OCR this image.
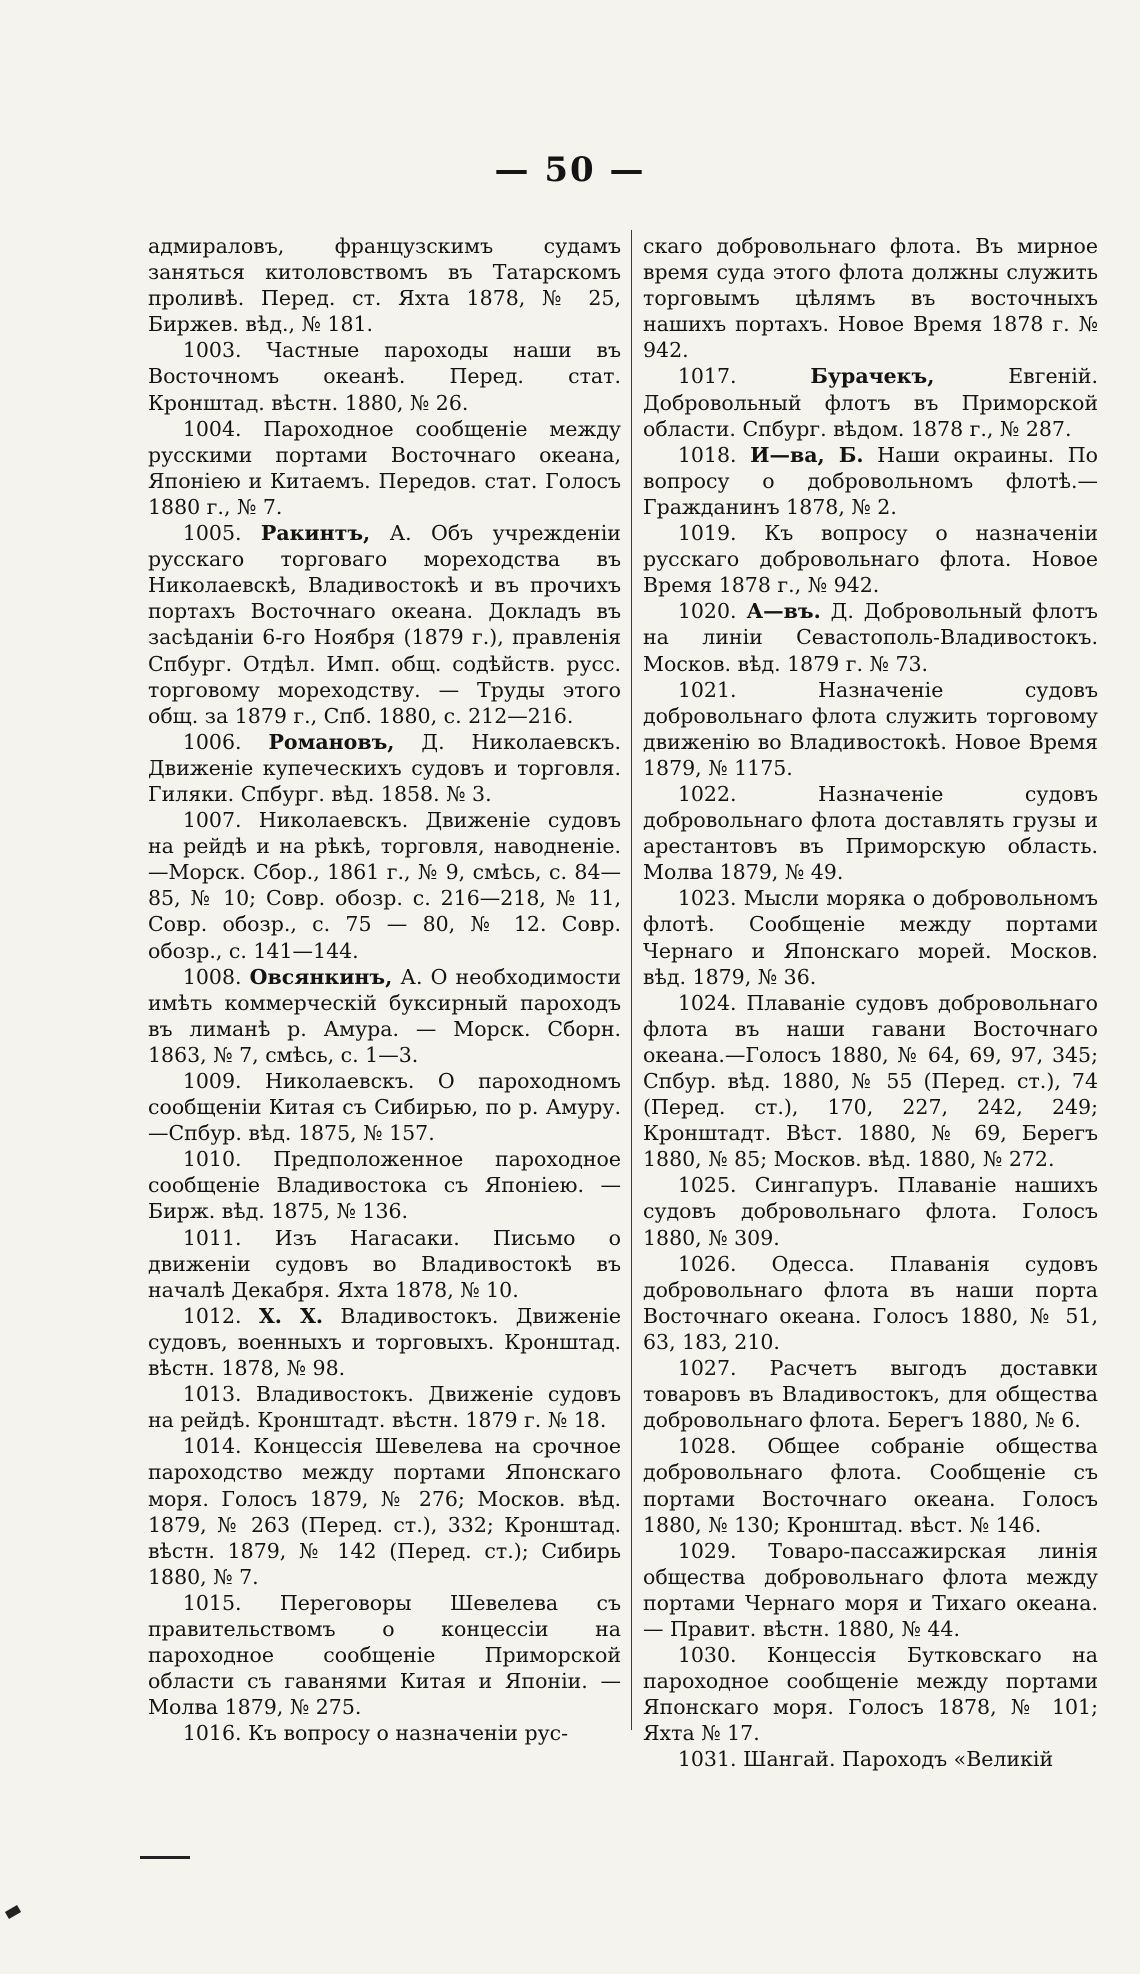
— 50 —

адмираловъ, французскимъ судамъ заняться китоловствомъ въ Татарскомъ проливѣ. Перед. ст. Яхта 1878, № 25, Биржев. вѣд., № 181.

1003. Частные пароходы наши въ Восточномъ океанѣ. Перед. стат. Кронштад. вѣстн. 1880, № 26.

1004. Пароходное сообщеніе между русскими портами Восточнаго океана, Японіею и Китаемъ. Передов. стат. Голосъ 1880 г., № 7.

1005. Ракинтъ, А. Объ учрежденіи русскаго торговаго мореходства въ Николаевскѣ, Владивостокѣ и въ прочихъ портахъ Восточнаго океана. Докладъ въ засѣданіи 6-го Ноября (1879 г.), правленія Спбург. Отдѣл. Имп. общ. содѣйств. русс. торговому мореходству. — Труды этого общ. за 1879 г., Спб. 1880, с. 212—216.

1006. Романовъ, Д. Николаевскъ. Движеніе купеческихъ судовъ и торговля. Гиляки. Спбург. вѣд. 1858. № 3.

1007. Николаевскъ. Движеніе судовъ на рейдѣ и на рѣкѣ, торговля, наводненіе.—Морск. Сбор., 1861 г., № 9, смѣсь, с. 84—85, № 10; Совр. обозр. с. 216—218, № 11, Совр. обозр., с. 75 — 80, № 12. Совр. обозр., с. 141—144.

1008. Овсянкинъ, А. О необходимости имѣть коммерческій буксирный пароходъ въ лиманѣ р. Амура. — Морск. Сборн. 1863, № 7, смѣсь, с. 1—3.

1009. Николаевскъ. О пароходномъ сообщеніи Китая съ Сибирью, по р. Амуру.—Спбур. вѣд. 1875, № 157.

1010. Предположенное пароходное сообщеніе Владивостока съ Японіею. — Бирж. вѣд. 1875, № 136.

1011. Изъ Нагасаки. Письмо о движеніи судовъ во Владивостокѣ въ началѣ Декабря. Яхта 1878, № 10.

1012. Х. Х. Владивостокъ. Движеніе судовъ, военныхъ и торговыхъ. Кронштад. вѣстн. 1878, № 98.

1013. Владивостокъ. Движеніе судовъ на рейдѣ. Кронштадт. вѣстн. 1879 г. № 18.

1014. Концессія Шевелева на срочное пароходство между портами Японскаго моря. Голосъ 1879, № 276; Москов. вѣд. 1879, № 263 (Перед. ст.), 332; Кронштад. вѣстн. 1879, № 142 (Перед. ст.); Сибирь 1880, № 7.

1015. Переговоры Шевелева съ правительствомъ о концессіи на пароходное сообщеніе Приморской области съ гаванями Китая и Японіи. — Молва 1879, № 275.

1016. Къ вопросу о назначеніи рус-

скаго добровольнаго флота. Въ мирное время суда этого флота должны служить торговымъ цѣлямъ въ восточныхъ нашихъ портахъ. Новое Время 1878 г. № 942.

1017.	Бурачекъ,	Евгеній. Добровольный флотъ въ Приморской области. Спбург. вѣдом. 1878 г., № 287.

1018. И—ва, Б. Наши окраины. По вопросу о добровольномъ флотѣ.—Гражданинъ 1878, № 2.

1019. Къ вопросу о назначеніи русскаго добровольнаго флота. Новое Время 1878 г., № 942.

1020. А—въ. Д. Добровольный флотъ на линіи Севастополь-Владивостокъ. Москов. вѣд. 1879 г. № 73.

1021.	Назначеніе судовъ добровольнаго флота служить торговому движенію во Владивостокѣ. Новое Время 1879, № 1175.

1022.	Назначеніе судовъ добровольнаго флота доставлять грузы и арестантовъ въ Приморскую область. Молва 1879, № 49.

1023. Мысли моряка о добровольномъ флотѣ. Сообщеніе между портами Чернаго и Японскаго морей. Москов. вѣд. 1879, № 36.

1024. Плаваніе судовъ добровольнаго флота въ наши гавани Восточнаго океана.—Голосъ 1880, № 64, 69, 97, 345; Спбур. вѣд. 1880, № 55 (Перед. ст.), 74 (Перед. ст.), 170, 227, 242, 249; Кронштадт. Вѣст. 1880, № 69, Берегъ 1880, № 85; Москов. вѣд. 1880, № 272.

1025. Сингапуръ. Плаваніе нашихъ судовъ добровольнаго флота. Голосъ 1880, № 309.

1026. Одесса. Плаванія судовъ добровольнаго флота въ наши порта Восточнаго океана. Голосъ 1880, № 51, 63, 183, 210.

1027. Расчетъ выгодъ доставки товаровъ въ Владивостокъ, для общества добровольнаго флота. Берегъ 1880, № 6.

1028. Общее собраніе общества добровольнаго флота. Сообщеніе съ портами Восточнаго океана. Голосъ 1880, № 130; Кронштад. вѣст. № 146.

1029. Товаро-пассажирская линія общества добровольнаго флота между портами Чернаго моря и Тихаго океана.— Правит. вѣстн. 1880, № 44.

1030. Концессія Бутковскаго на пароходное сообщеніе между портами Японскаго моря. Голосъ 1878, № 101; Яхта № 17.

1031. Шангай. Пароходъ «Великій
